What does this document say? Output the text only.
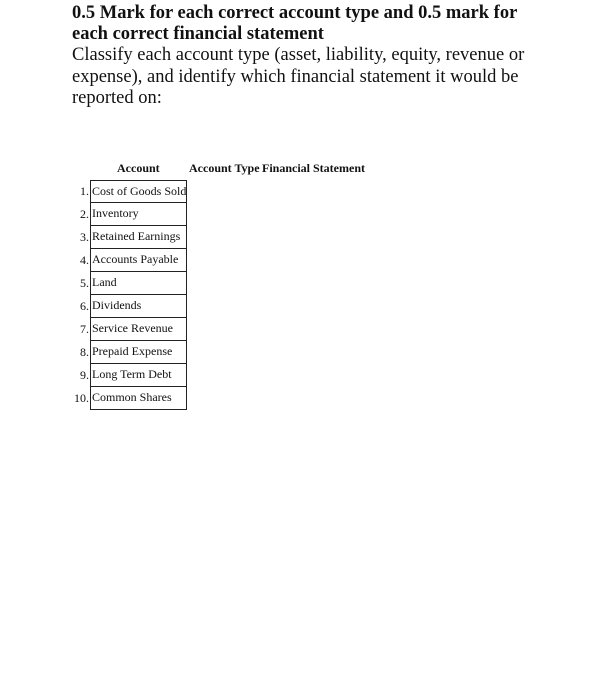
0.5 Mark for each correct account type and 0.5 mark for each correct financial statement

Classify each account type (asset, liability, equity, revenue or expense), and identify which financial statement it would be reported on:

Account Account Type Financial Statement
1. Cost of Goods Sold
2. Inventory
3. Retained Earnings
4. Accounts Payable
5. Land
6. Dividends
7. Service Revenue
8. Prepaid Expense
9. Long Term Debt
10. Common Shares
